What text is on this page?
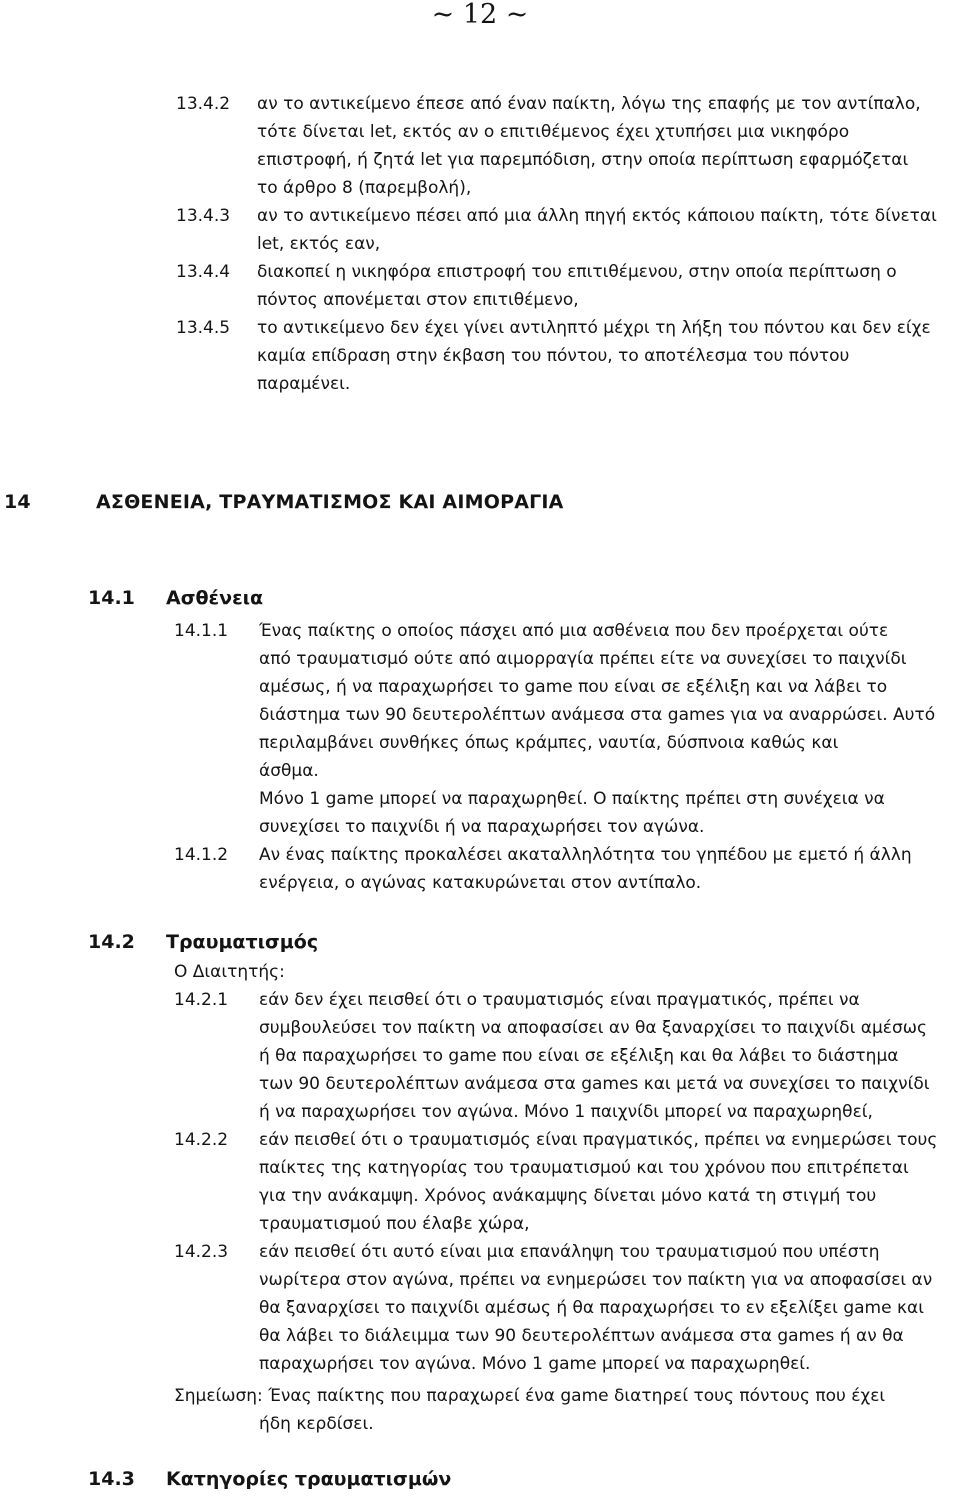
~ 12 ~
13.4.2 αν το αντικείμενο έπεσε από έναν παίκτη, λόγω της επαφής με τον αντίπαλο,
τότε δίνεται let, εκτός αν ο επιτιθέμενος έχει χτυπήσει μια νικηφόρο
επιστροφή, ή ζητά let για παρεμπόδιση, στην οποία περίπτωση εφαρμόζεται
το άρθρο 8 (παρεμβολή),
13.4.3 αν το αντικείμενο πέσει από μια άλλη πηγή εκτός κάποιου παίκτη, τότε δίνεται
let, εκτός εαν,
13.4.4 διακοπεί η νικηφόρα επιστροφή του επιτιθέμενου, στην οποία περίπτωση ο
πόντος απονέμεται στον επιτιθέμενο,
13.4.5 το αντικείμενο δεν έχει γίνει αντιληπτό μέχρι τη λήξη του πόντου και δεν είχε
καμία επίδραση στην έκβαση του πόντου, το αποτέλεσμα του πόντου
παραμένει.
14	ΑΣΘΕΝΕΙΑ, ΤΡΑΥΜΑΤΙΣΜΟΣ ΚΑΙ ΑΙΜΟΡΑΓΙΑ
14.1 Ασθένεια
14.1.1 Ένας παίκτης ο οποίος πάσχει από μια ασθένεια που δεν προέρχεται ούτε
από τραυματισμό ούτε από αιμορραγία πρέπει είτε να συνεχίσει το παιχνίδι
αμέσως, ή να παραχωρήσει το game που είναι σε εξέλιξη και να λάβει το
διάστημα των 90 δευτερολέπτων ανάμεσα στα games για να αναρρώσει. Αυτό
περιλαμβάνει συνθήκες όπως κράμπες, ναυτία, δύσπνοια καθώς και
άσθμα.
Μόνο 1 game μπορεί να παραχωρηθεί. Ο παίκτης πρέπει στη συνέχεια να
συνεχίσει το παιχνίδι ή να παραχωρήσει τον αγώνα.
14.1.2 Αν ένας παίκτης προκαλέσει ακαταλληλότητα του γηπέδου με εμετό ή άλλη
ενέργεια, ο αγώνας κατακυρώνεται στον αντίπαλο.
14.2 Τραυματισμός
Ο Διαιτητής:
14.2.1 εάν δεν έχει πεισθεί ότι ο τραυματισμός είναι πραγματικός, πρέπει να
συμβουλεύσει τον παίκτη να αποφασίσει αν θα ξαναρχίσει το παιχνίδι αμέσως
ή θα παραχωρήσει το game που είναι σε εξέλιξη και θα λάβει το διάστημα
των 90 δευτερολέπτων ανάμεσα στα games και μετά να συνεχίσει το παιχνίδι
ή να παραχωρήσει τον αγώνα. Μόνο 1 παιχνίδι μπορεί να παραχωρηθεί,
14.2.2 εάν πεισθεί ότι ο τραυματισμός είναι πραγματικός, πρέπει να ενημερώσει τους
παίκτες της κατηγορίας του τραυματισμού και του χρόνου που επιτρέπεται
για την ανάκαμψη. Χρόνος ανάκαμψης δίνεται μόνο κατά τη στιγμή του
τραυματισμού που έλαβε χώρα,
14.2.3 εάν πεισθεί ότι αυτό είναι μια επανάληψη του τραυματισμού που υπέστη
νωρίτερα στον αγώνα, πρέπει να ενημερώσει τον παίκτη για να αποφασίσει αν
θα ξαναρχίσει το παιχνίδι αμέσως ή θα παραχωρήσει το εν εξελίξει game και
θα λάβει το διάλειμμα των 90 δευτερολέπτων ανάμεσα στα games ή αν θα
παραχωρήσει τον αγώνα. Μόνο 1 game μπορεί να παραχωρηθεί.
Σημείωση: Ένας παίκτης που παραχωρεί ένα game διατηρεί τους πόντους που έχει
ήδη κερδίσει.
14.3 Κατηγορίες τραυματισμών
